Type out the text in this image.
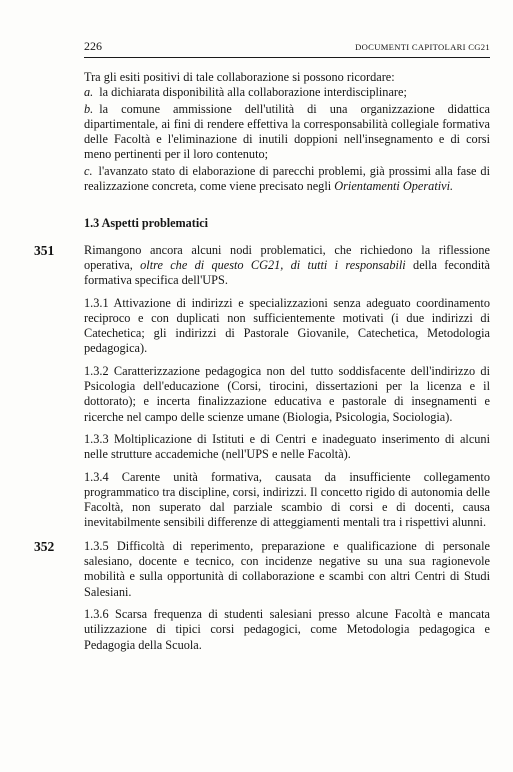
226	DOCUMENTI CAPITOLARI CG21

Tra gli esiti positivi di tale collaborazione si possono ricordare:

a. la dichiarata disponibilità alla collaborazione interdisciplinare;

b. la comune ammissione dell'utilità di una organizzazione didattica dipartimentale, ai fini di rendere effettiva la corresponsabilità collegiale formativa delle Facoltà e l'eliminazione di inutili doppioni nell'insegnamento e di corsi meno pertinenti per il loro contenuto;

c. l'avanzato stato di elaborazione di parecchi problemi, già prossimi alla fase di realizzazione concreta, come viene precisato negli Orientamenti Operativi.

1.3 Aspetti problematici

351 Rimangono ancora alcuni nodi problematici, che richiedono la riflessione operativa, oltre che di questo CG21, di tutti i responsabili della fecondità formativa specifica dell'UPS.

1.3.1 Attivazione di indirizzi e specializzazioni senza adeguato coordinamento reciproco e con duplicati non sufficientemente motivati (i due indirizzi di Catechetica; gli indirizzi di Pastorale Giovanile, Catechetica, Metodologia pedagogica).

1.3.2 Caratterizzazione pedagogica non del tutto soddisfacente dell'indirizzo di Psicologia dell'educazione (Corsi, tirocini, dissertazioni per la licenza e il dottorato); e incerta finalizzazione educativa e pastorale di insegnamenti e ricerche nel campo delle scienze umane (Biologia, Psicologia, Sociologia).

1.3.3 Moltiplicazione di Istituti e di Centri e inadeguato inserimento di alcuni nelle strutture accademiche (nell'UPS e nelle Facoltà).

1.3.4 Carente unità formativa, causata da insufficiente collegamento programmatico tra discipline, corsi, indirizzi. Il concetto rigido di autonomia delle Facoltà, non superato dal parziale scambio di corsi e di docenti, causa inevitabilmente sensibili differenze di atteggiamenti mentali tra i rispettivi alunni.

352 1.3.5 Difficoltà di reperimento, preparazione e qualificazione di personale salesiano, docente e tecnico, con incidenze negative su una sua ragionevole mobilità e sulla opportunità di collaborazione e scambi con altri Centri di Studi Salesiani.

1.3.6 Scarsa frequenza di studenti salesiani presso alcune Facoltà e mancata utilizzazione di tipici corsi pedagogici, come Metodologia pedagogica e Pedagogia della Scuola.
